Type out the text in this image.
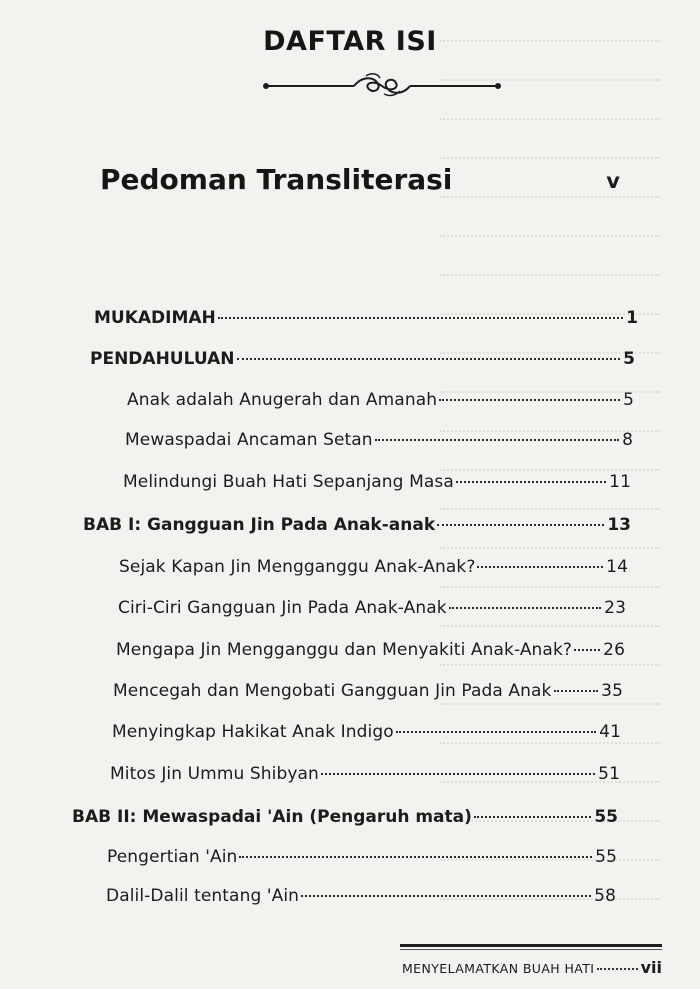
DAFTAR ISI
Pedoman Transliterasi	v
MUKADIMAH	1
PENDAHULUAN	5
Anak adalah Anugerah dan Amanah	5
Mewaspadai Ancaman Setan	8
Melindungi Buah Hati Sepanjang Masa	11
BAB I: Gangguan Jin Pada Anak-anak	13
Sejak Kapan Jin Mengganggu Anak-Anak?	14
Ciri-Ciri Gangguan Jin Pada Anak-Anak	23
Mengapa Jin Mengganggu dan Menyakiti Anak-Anak? 26
Mencegah dan Mengobati Gangguan Jin Pada Anak	35
Menyingkap Hakikat Anak Indigo	41
Mitos Jin Ummu Shibyan	51
BAB II: Mewaspadai 'Ain (Pengaruh mata)	55
Pengertian 'Ain	55
Dalil-Dalil tentang 'Ain	58
MENYELAMATKAN BUAH HATI	vii
